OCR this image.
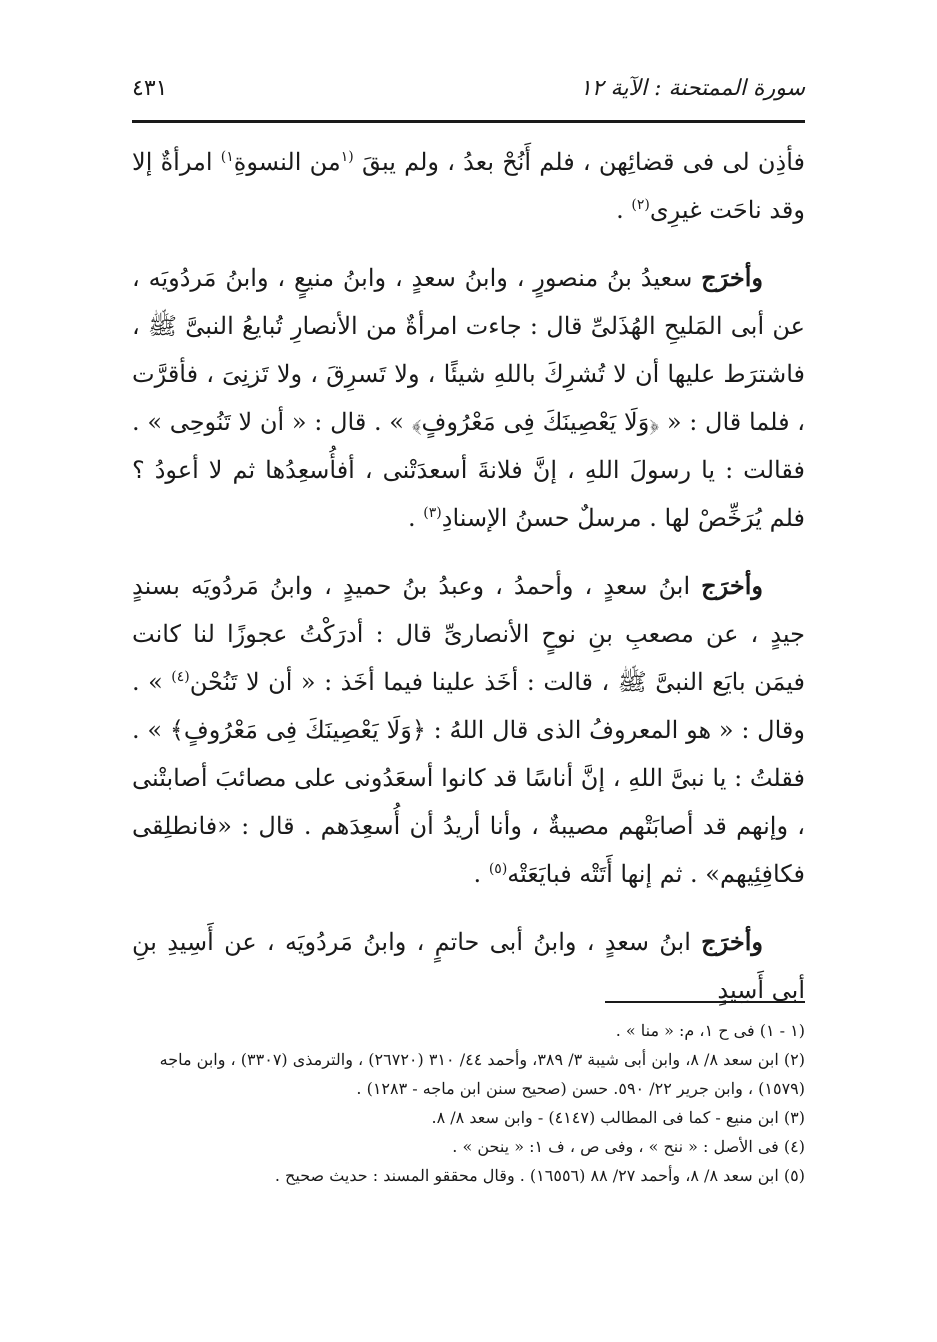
سورة الممتحنة : الآية ١٢
٤٣١

فأذِن لى فى قضائِهن ، فلم أَنُحْ بعدُ ، ولم يبقَ $^{(١}$من النسوةِ$^{١)}$ امرأةٌ إلا وقد ناحَت غيرِى$^{(٢)}$ .

وأخرَج سعيدُ بنُ منصورٍ ، وابنُ سعدٍ ، وابنُ منيعٍ ، وابنُ مَردُويَه ، عن أبى المَليحِ الهُذَلىِّ قال : جاءت امرأةٌ من الأنصارِ تُبايعُ النبىَّ ﷺ ، فاشترَط عليها أن لا تُشرِكَ باللهِ شيئًا ، ولا تَسرِقَ ، ولا تَزنِىَ ، فأقرَّت ، فلما قال : « ﴿وَلَا يَعْصِينَكَ فِى مَعْرُوفٍ﴾ » . قال : « أن لا تَنُوحِى » . فقالت : يا رسولَ اللهِ ، إنَّ فلانةَ أسعدَتْنى ، أفأُسعِدُها ثم لا أعودُ ؟ فلم يُرَخِّصْ لها . مرسلٌ حسنُ الإسنادِ$^{(٣)}$ .

وأخرَج ابنُ سعدٍ ، وأحمدُ ، وعبدُ بنُ حميدٍ ، وابنُ مَردُويَه بسندٍ جيدٍ ، عن مصعبِ بنِ نوحٍ الأنصارىِّ قال : أدرَكْتُ عجوزًا لنا كانت فيمَن بايَع النبىَّ ﷺ ، قالت : أخَذ علينا فيما أخَذ : « أن لا تَنُحْن$^{(٤)}$ » . وقال : « هو المعروفُ الذى قال اللهُ : ﴿وَلَا يَعْصِينَكَ فِى مَعْرُوفٍ﴾ » . فقلتُ : يا نبىَّ اللهِ ، إنَّ أناسًا قد كانوا أسعَدُونى على مصائبَ أصابتْنى ، وإنهم قد أصابَتْهم مصيبةٌ ، وأنا أريدُ أن أُسعِدَهم . قال : «فانطلِقى فكافِئِيهم» . ثم إنها أَتَتْه فبايَعَتْه$^{(٥)}$ .

وأخرَج ابنُ سعدٍ ، وابنُ أبى حاتمٍ ، وابنُ مَردُويَه ، عن أَسِيدِ بنِ أبى أَسِيدٍ

(١ - ١) فى ح ١، م: « منا » .

(٢) ابن سعد ٨/ ٨، وابن أبى شيبة ٣/ ٣٨٩، وأحمد ٤٤/ ٣١٠ (٢٦٧٢٠) ، والترمذى (٣٣٠٧) ، وابن ماجه (١٥٧٩) ، وابن جرير ٢٢/ ٥٩٠. حسن (صحيح سنن ابن ماجه - ١٢٨٣) .

(٣) ابن منيع - كما فى المطالب (٤١٤٧) - وابن سعد ٨/ ٨.

(٤) فى الأصل : « ننح » ، وفى ص ، ف ١: « ينحن » .

(٥) ابن سعد ٨/ ٨، وأحمد ٢٧/ ٨٨ (١٦٥٥٦) . وقال محققو المسند : حديث صحيح .
